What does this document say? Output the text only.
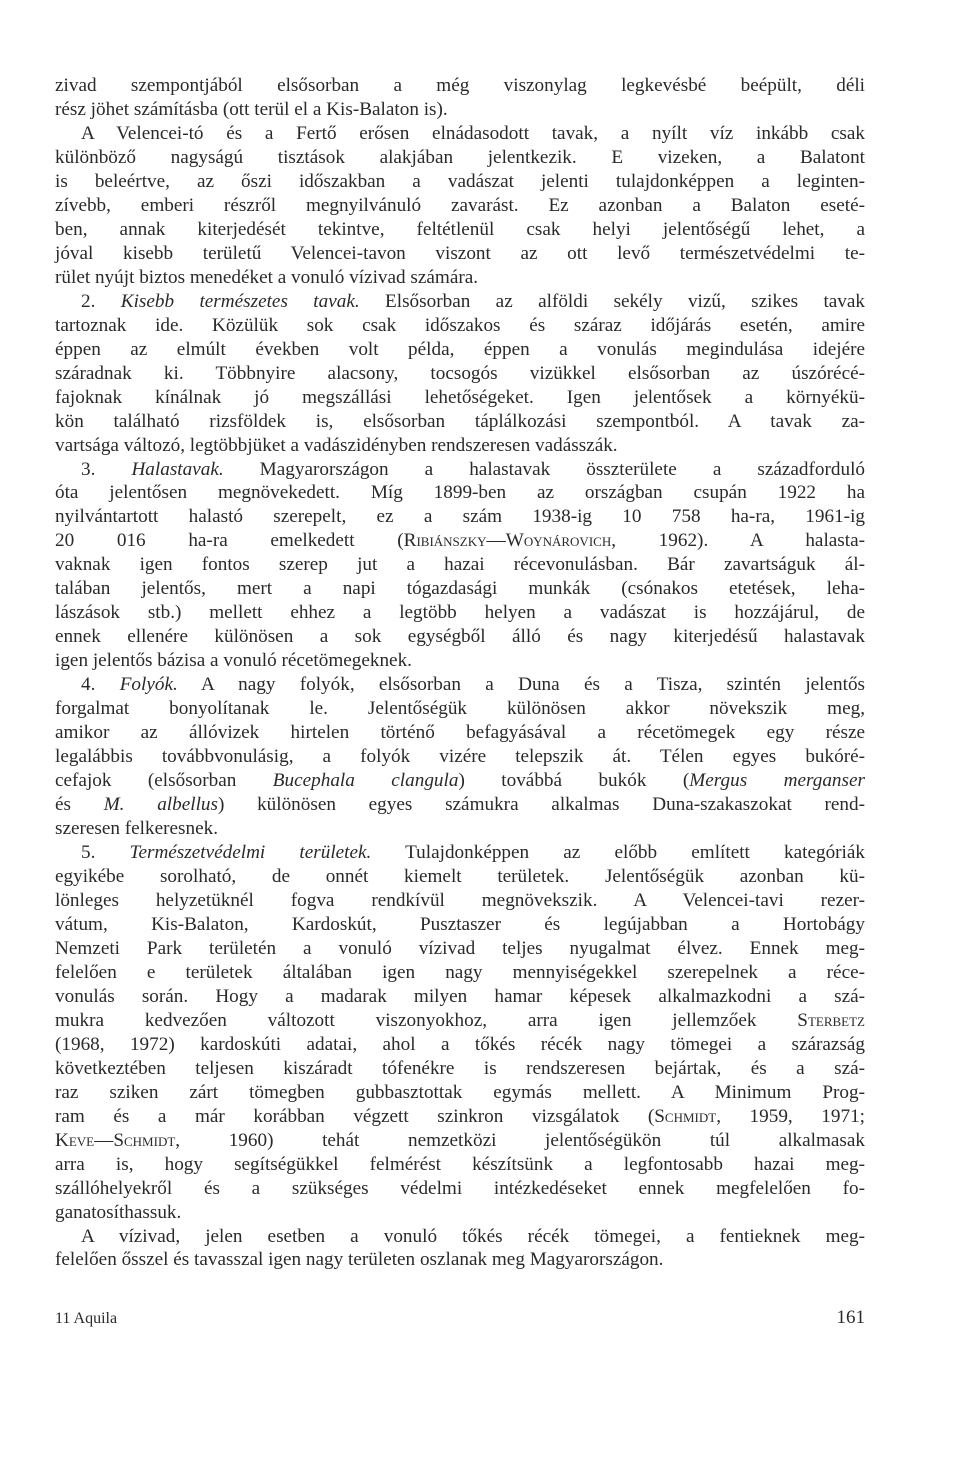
zivad szempontjából elsősorban a még viszonylag legkevésbé beépült, déli
rész jöhet számításba (ott terül el a Kis-Balaton is).
A Velencei-tó és a Fertő erősen elnádasodott tavak, a nyílt víz inkább csak
különböző nagyságú tisztások alakjában jelentkezik. E vizeken, a Balatont
is beleértve, az őszi időszakban a vadászat jelenti tulajdonképpen a leginten-
zívebb, emberi részről megnyilvánuló zavarást. Ez azonban a Balaton eseté-
ben, annak kiterjedését tekintve, feltétlenül csak helyi jelentőségű lehet, a
jóval kisebb területű Velencei-tavon viszont az ott levő természetvédelmi te-
rület nyújt biztos menedéket a vonuló vízivad számára.
2. Kisebb természetes tavak. Elsősorban az alföldi sekély vizű, szikes tavak
tartoznak ide. Közülük sok csak időszakos és száraz időjárás esetén, amire
éppen az elmúlt években volt példa, éppen a vonulás megindulása idejére
száradnak ki. Többnyire alacsony, tocsogós vizükkel elsősorban az úszórécé-
fajoknak kínálnak jó megszállási lehetőségeket. Igen jelentősek a környékü-
kön található rizsföldek is, elsősorban táplálkozási szempontból. A tavak za-
vartsága változó, legtöbbjüket a vadászidényben rendszeresen vadásszák.
3. Halastavak. Magyarországon a halastavak összterülete a századforduló
óta jelentősen megnövekedett. Míg 1899-ben az országban csupán 1922 ha
nyilvántartott halastó szerepelt, ez a szám 1938-ig 10 758 ha-ra, 1961-ig
20 016 ha-ra emelkedett (Ribiánszky—Woynárovich, 1962). A halasta-
vaknak igen fontos szerep jut a hazai récevonulásban. Bár zavartságuk ál-
talában jelentős, mert a napi tógazdasági munkák (csónakos etetések, leha-
lászások stb.) mellett ehhez a legtöbb helyen a vadászat is hozzájárul, de
ennek ellenére különösen a sok egységből álló és nagy kiterjedésű halastavak
igen jelentős bázisa a vonuló récetömegeknek.
4. Folyók. A nagy folyók, elsősorban a Duna és a Tisza, szintén jelentős
forgalmat bonyolítanak le. Jelentőségük különösen akkor növekszik meg,
amikor az állóvizek hirtelen történő befagyásával a récetömegek egy része
legalábbis továbbvonulásig, a folyók vizére telepszik át. Télen egyes bukóré-
cefajok (elsősorban Bucephala clangula) továbbá bukók (Mergus merganser
és M. albellus) különösen egyes számukra alkalmas Duna-szakaszokat rend-
szeresen felkeresnek.
5. Természetvédelmi területek. Tulajdonképpen az előbb említett kategóriák
egyikébe sorolható, de onnét kiemelt területek. Jelentőségük azonban kü-
lönleges helyzetüknél fogva rendkívül megnövekszik. A Velencei-tavi rezer-
vátum, Kis-Balaton, Kardoskút, Pusztaszer és legújabban a Hortobágy
Nemzeti Park területén a vonuló vízivad teljes nyugalmat élvez. Ennek meg-
felelően e területek általában igen nagy mennyiségekkel szerepelnek a réce-
vonulás során. Hogy a madarak milyen hamar képesek alkalmazkodni a szá-
mukra kedvezően változott viszonyokhoz, arra igen jellemzőek Sterbetz
(1968, 1972) kardoskúti adatai, ahol a tőkés récék nagy tömegei a szárazság
következtében teljesen kiszáradt tófenékre is rendszeresen bejártak, és a szá-
raz sziken zárt tömegben gubbasztottak egymás mellett. A Minimum Prog-
ram és a már korábban végzett szinkron vizsgálatok (Schmidt, 1959, 1971;
Keve—Schmidt, 1960) tehát nemzetközi jelentőségükön túl alkalmasak
arra is, hogy segítségükkel felmérést készítsünk a legfontosabb hazai meg-
szállóhelyekről és a szükséges védelmi intézkedéseket ennek megfelelően fo-
ganatosíthassuk.
A vízivad, jelen esetben a vonuló tőkés récék tömegei, a fentieknek meg-
felelően ősszel és tavasszal igen nagy területen oszlanak meg Magyarországon.
11 Aquila	161
